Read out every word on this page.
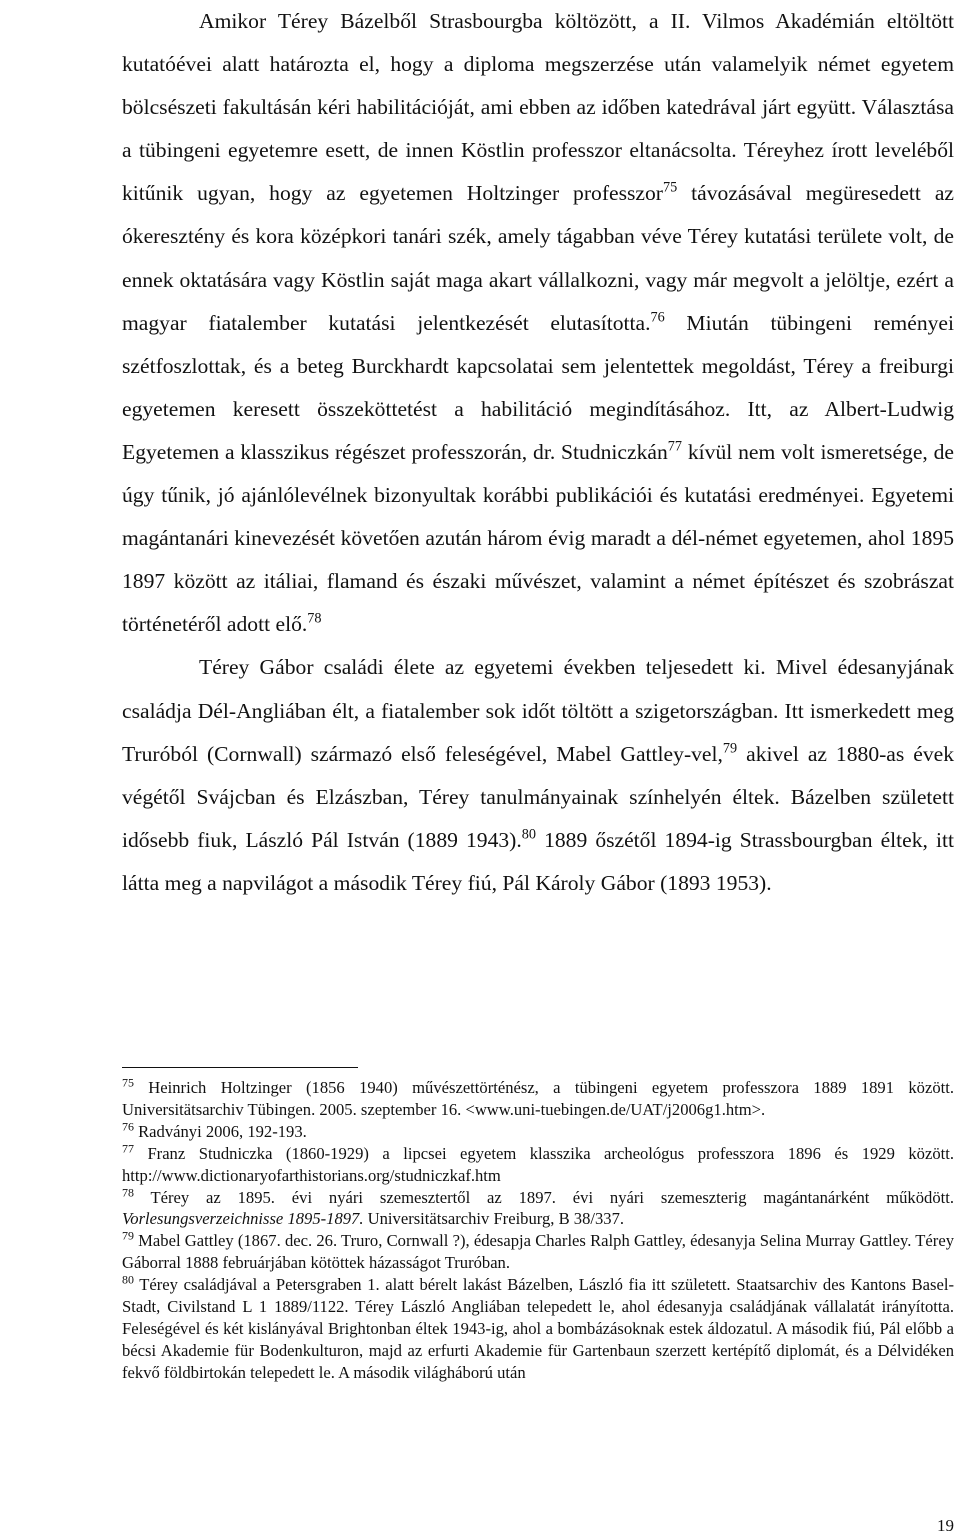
Amikor Térey Bázelből Strasbourgba költözött, a II. Vilmos Akadémián eltöltött kutatóévei alatt határozta el, hogy a diploma megszerzése után valamelyik német egyetem bölcsészeti fakultásán kéri habilitációját, ami ebben az időben katedrával járt együtt. Választása a tübingeni egyetemre esett, de innen Köstlin professzor eltanácsolta. Téreyhez írott leveléből kitűnik ugyan, hogy az egyetemen Holtzinger professzor$^{75}$ távozásával megüresedett az ókeresztény és kora középkori tanári szék, amely tágabban véve Térey kutatási területe volt, de ennek oktatására vagy Köstlin saját maga akart vállalkozni, vagy már megvolt a jelöltje, ezért a magyar fiatalember kutatási jelentkezését elutasította.$^{76}$ Miután tübingeni reményei szétfoszlottak, és a beteg Burckhardt kapcsolatai sem jelentettek megoldást, Térey a freiburgi egyetemen keresett összeköttetést a habilitáció megindításához. Itt, az Albert-Ludwig Egyetemen a klasszikus régészet professzorán, dr. Studniczkán$^{77}$ kívül nem volt ismeretsége, de úgy tűnik, jó ajánlólevélnek bizonyultak korábbi publikációi és kutatási eredményei. Egyetemi magántanári kinevezését követően azután három évig maradt a dél-német egyetemen, ahol 1895 1897 között az itáliai, flamand és északi művészet, valamint a német építészet és szobrászat történetéről adott elő.$^{78}$

Térey Gábor családi élete az egyetemi években teljesedett ki. Mivel édesanyjának családja Dél-Angliában élt, a fiatalember sok időt töltött a szigetországban. Itt ismerkedett meg Truróból (Cornwall) származó első feleségével, Mabel Gattley-vel,$^{79}$ akivel az 1880-as évek végétől Svájcban és Elzászban, Térey tanulmányainak színhelyén éltek. Bázelben született idősebb fiuk, László Pál István (1889 1943).$^{80}$ 1889 őszétől 1894-ig Strassbourgban éltek, itt látta meg a napvilágot a második Térey fiú, Pál Károly Gábor (1893 1953).

$^{75}$ Heinrich Holtzinger (1856 1940) művészettörténész, a tübingeni egyetem professzora 1889 1891 között. Universitätsarchiv Tübingen. 2005. szeptember 16. <www.uni-tuebingen.de/UAT/j2006g1.htm>.

$^{76}$ Radványi 2006, 192-193.

$^{77}$ Franz Studniczka (1860-1929) a lipcsei egyetem klasszika archeológus professzora 1896 és 1929 között. http://www.dictionaryofarthistorians.org/studniczkaf.htm

$^{78}$ Térey az 1895. évi nyári szemesztertől az 1897. évi nyári szemeszterig magántanárként működött. Vorlesungsverzeichnisse 1895-1897. Universitätsarchiv Freiburg, B 38/337.

$^{79}$ Mabel Gattley (1867. dec. 26. Truro, Cornwall ?), édesapja Charles Ralph Gattley, édesanyja Selina Murray Gattley. Térey Gáborral 1888 februárjában kötöttek házasságot Truróban.

$^{80}$ Térey családjával a Petersgraben 1. alatt bérelt lakást Bázelben, László fia itt született. Staatsarchiv des Kantons Basel-Stadt, Civilstand L 1 1889/1122. Térey László Angliában telepedett le, ahol édesanyja családjának vállalatát irányította. Feleségével és két kislányával Brightonban éltek 1943-ig, ahol a bombázásoknak estek áldozatul. A második fiú, Pál előbb a bécsi Akademie für Bodenkulturon, majd az erfurti Akademie für Gartenbaun szerzett kertépítő diplomát, és a Délvidéken fekvő földbirtokán telepedett le. A második világháború után

19
